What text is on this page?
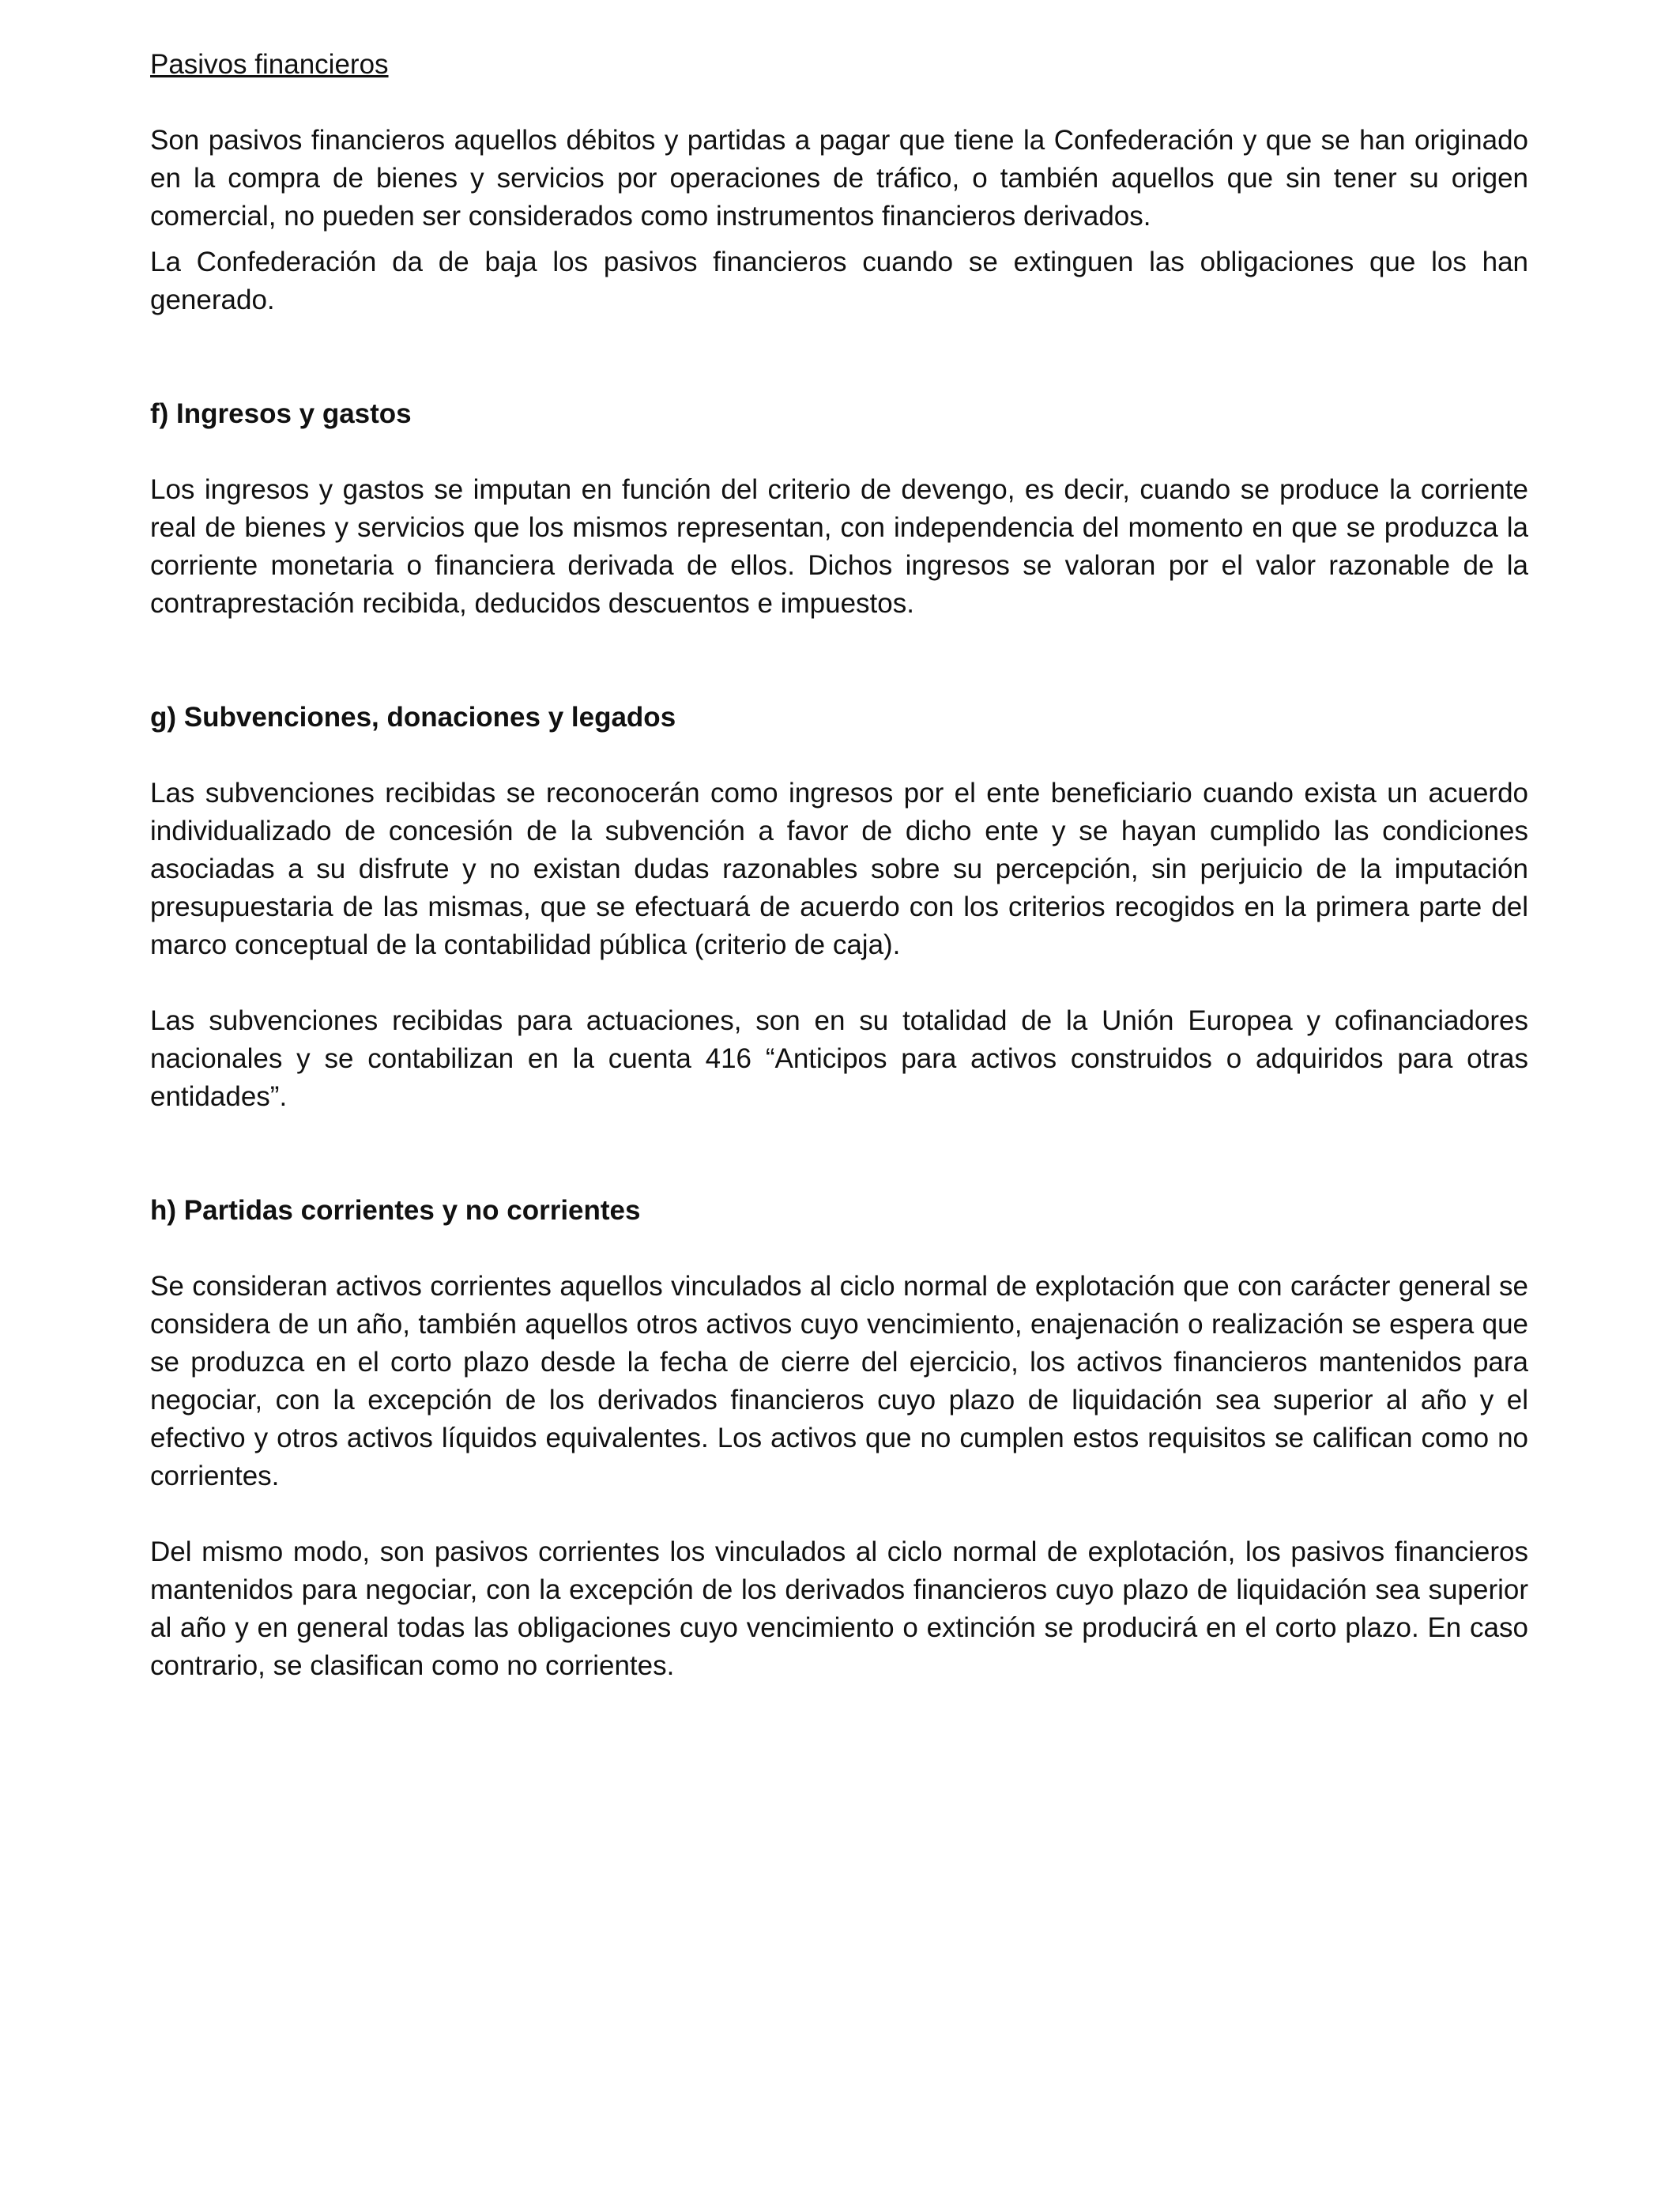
Pasivos financieros

Son pasivos financieros aquellos débitos y partidas a pagar que tiene la Confederación y que se han originado en la compra de bienes y servicios por operaciones de tráfico, o también aquellos que sin tener su origen comercial, no pueden ser considerados como instrumentos financieros derivados.

La Confederación da de baja los pasivos financieros cuando se extinguen las obligaciones que los han generado.

f) Ingresos y gastos

Los ingresos y gastos se imputan en función del criterio de devengo, es decir, cuando se produce la corriente real de bienes y servicios que los mismos representan, con independencia del momento en que se produzca la corriente monetaria o financiera derivada de ellos. Dichos ingresos se valoran por el valor razonable de la contraprestación recibida, deducidos descuentos e impuestos.

g) Subvenciones, donaciones y legados

Las subvenciones recibidas se reconocerán como ingresos por el ente beneficiario cuando exista un acuerdo individualizado de concesión de la subvención a favor de dicho ente y se hayan cumplido las condiciones asociadas a su disfrute y no existan dudas razonables sobre su percepción, sin perjuicio de la imputación presupuestaria de las mismas, que se efectuará de acuerdo con los criterios recogidos en la primera parte del marco conceptual de la contabilidad pública (criterio de caja).

Las subvenciones recibidas para actuaciones, son en su totalidad de la Unión Europea y cofinanciadores nacionales y se contabilizan en la cuenta 416 “Anticipos para activos construidos o adquiridos para otras entidades”.

h) Partidas corrientes y no corrientes

Se consideran activos corrientes aquellos vinculados al ciclo normal de explotación que con carácter general se considera de un año, también aquellos otros activos cuyo vencimiento, enajenación o realización se espera que se produzca en el corto plazo desde la fecha de cierre del ejercicio, los activos financieros mantenidos para negociar, con la excepción de los derivados financieros cuyo plazo de liquidación sea superior al año y el efectivo y otros activos líquidos equivalentes. Los activos que no cumplen estos requisitos se califican como no corrientes.

Del mismo modo, son pasivos corrientes los vinculados al ciclo normal de explotación, los pasivos financieros mantenidos para negociar, con la excepción de los derivados financieros cuyo plazo de liquidación sea superior al año y en general todas las obligaciones cuyo vencimiento o extinción se producirá en el corto plazo. En caso contrario, se clasifican como no corrientes.
